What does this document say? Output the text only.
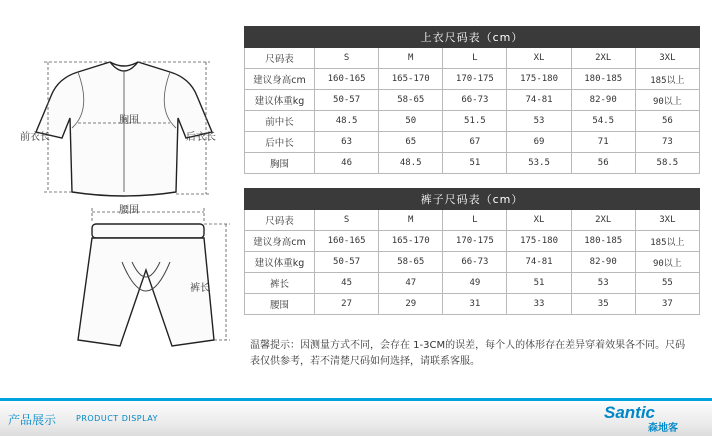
前衣长
胸围
后衣长
腰围
裤长
上衣尺码表（cm）						
尺码表	S	M	L	XL	2XL	3XL
建议身高cm	160-165	165-170	170-175	175-180	180-185	185以上
建议体重kg	50-57	58-65	66-73	74-81	82-90	90以上
前中长	48.5	50	51.5	53	54.5	56
后中长	63	65	67	69	71	73
胸围	46	48.5	51	53.5	56	58.5
裤子尺码表（cm）						
尺码表	S	M	L	XL	2XL	3XL
建议身高cm	160-165	165-170	170-175	175-180	180-185	185以上
建议体重kg	50-57	58-65	66-73	74-81	82-90	90以上
裤长	45	47	49	51	53	55
腰围	27	29	31	33	35	37
温馨提示：因测量方式不同，会存在 1-3CM的误差，每个人的体形存在差异穿着效果各不同。尺码表仅供参考，若不清楚尺码如何选择，请联系客服。
产品展示 PRODUCT DISPLAY	Santic
森地客
